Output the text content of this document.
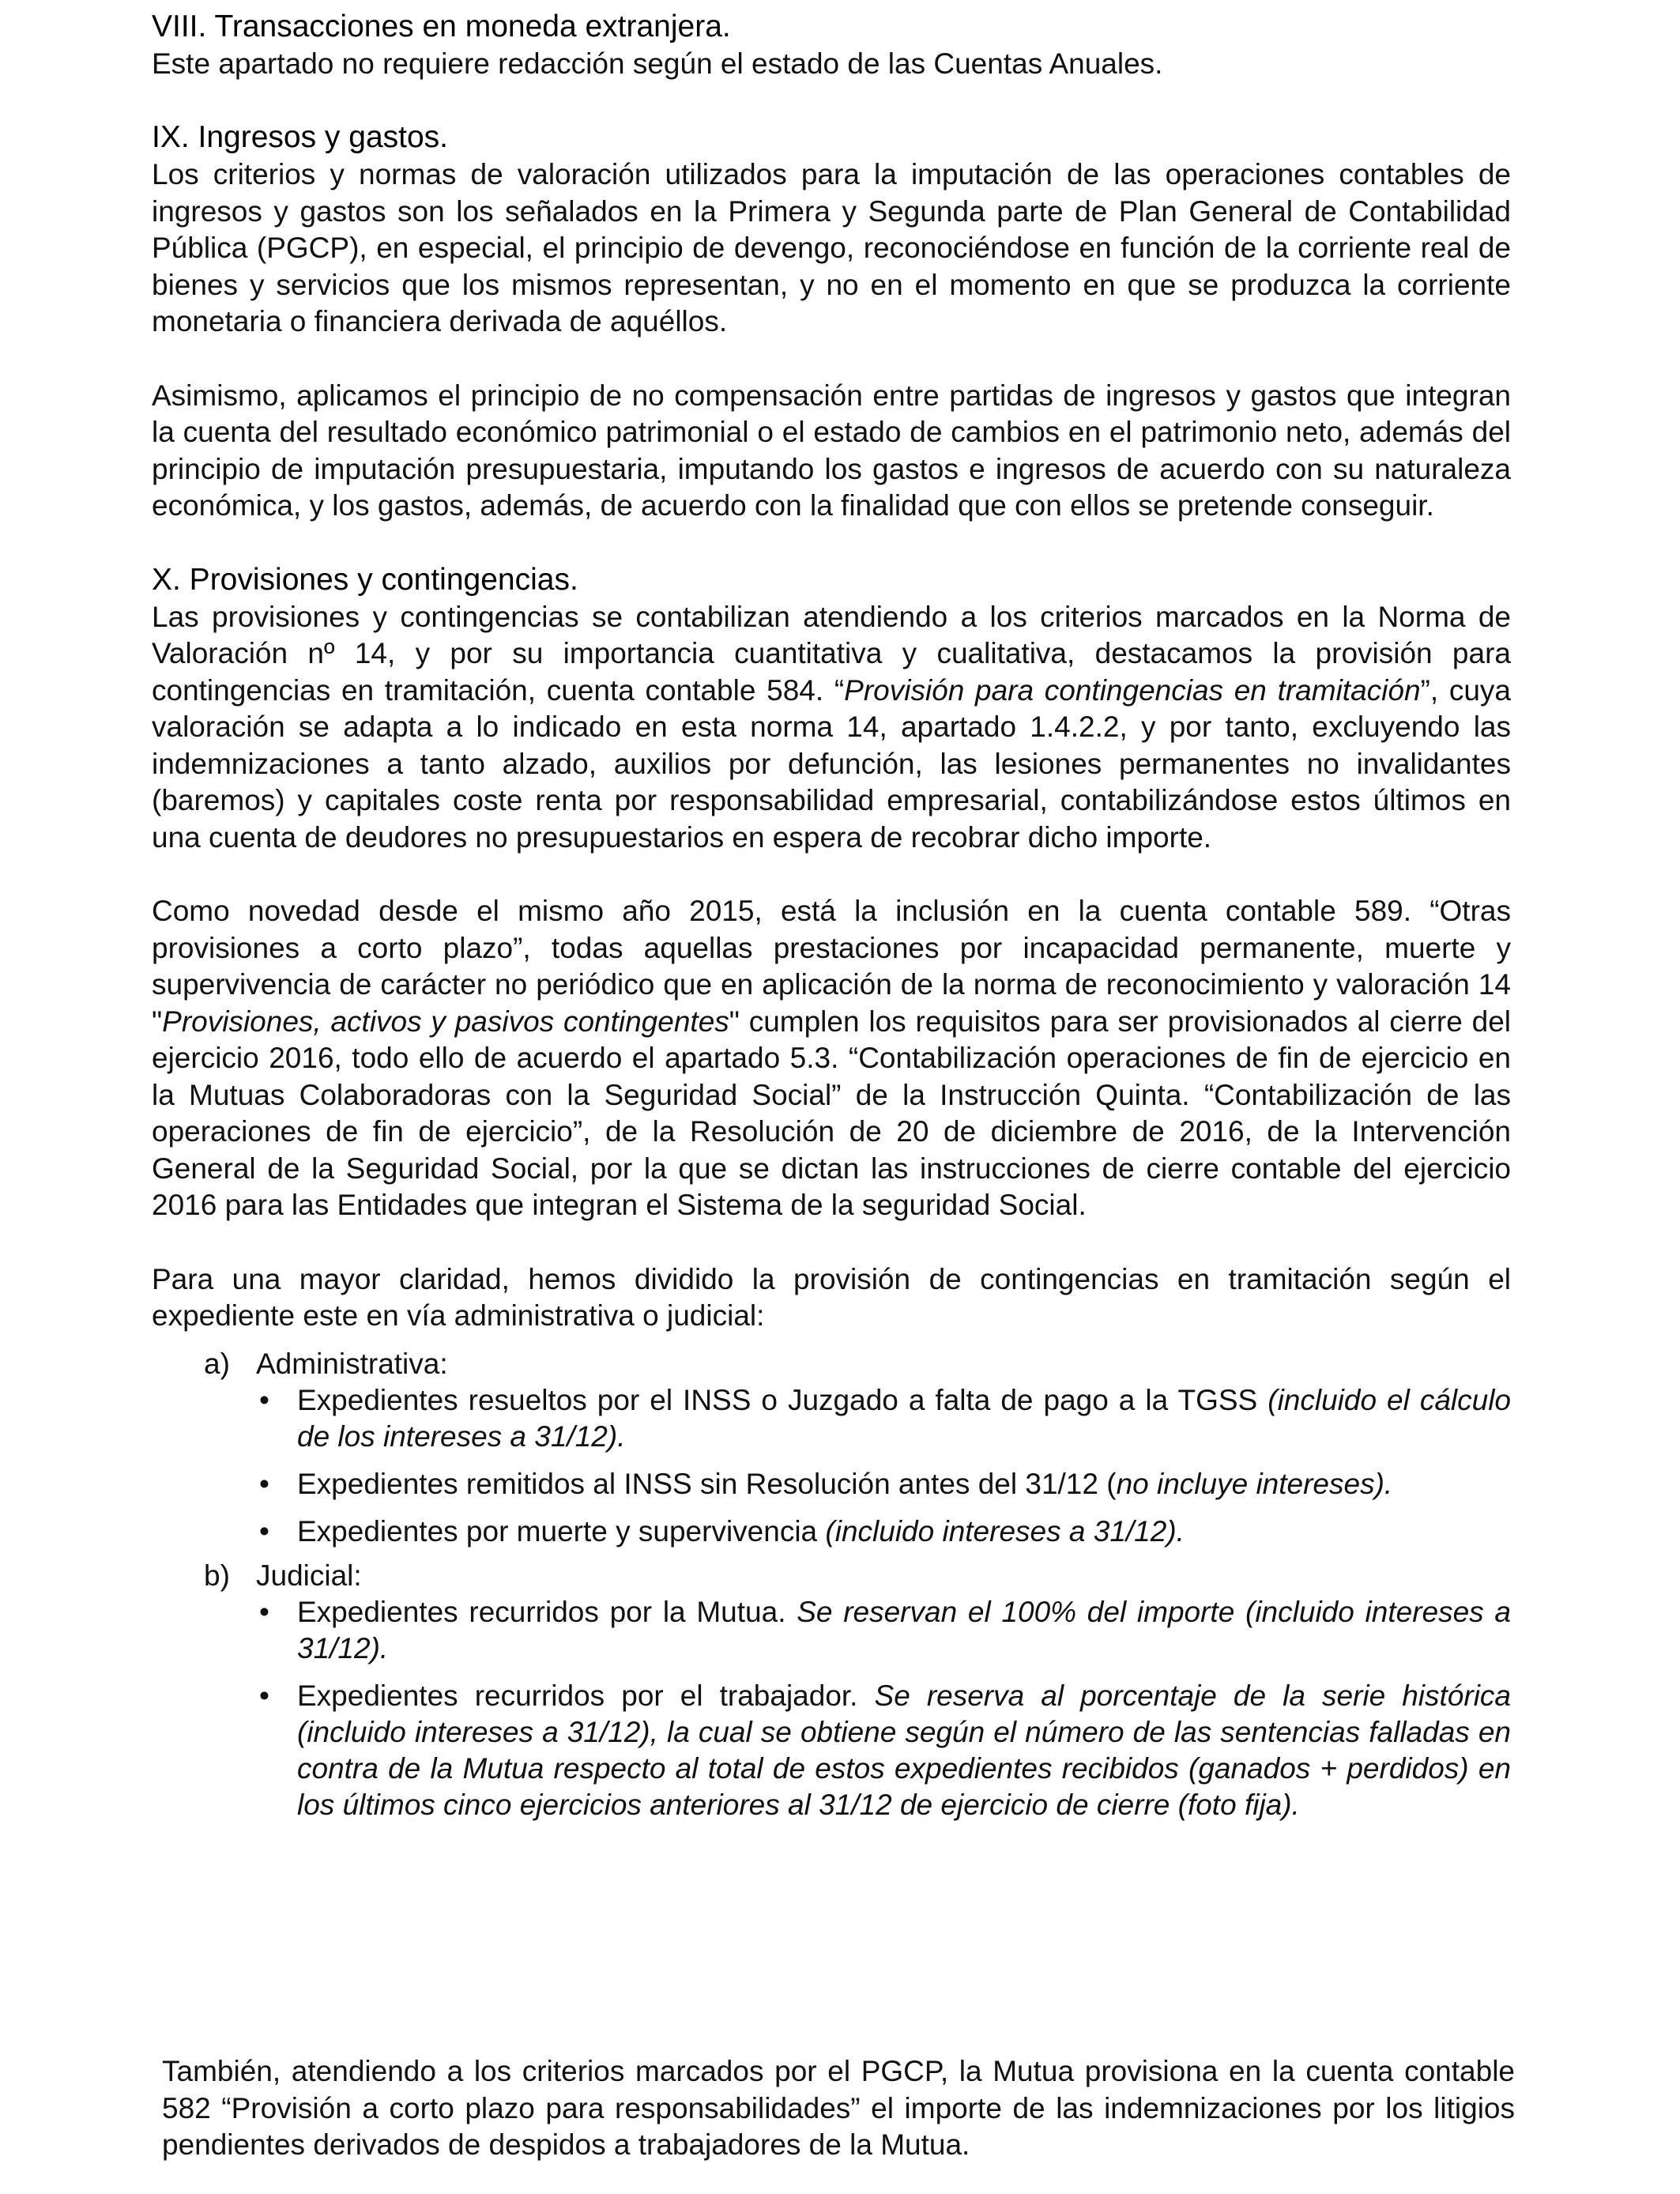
VIII. Transacciones en moneda extranjera.

Este apartado no requiere redacción según el estado de las Cuentas Anuales.

IX. Ingresos y gastos.

Los criterios y normas de valoración utilizados para la imputación de las operaciones contables de ingresos y gastos son los señalados en la Primera y Segunda parte de Plan General de Contabilidad Pública (PGCP), en especial, el principio de devengo, reconociéndose en función de la corriente real de bienes y servicios que los mismos representan, y no en el momento en que se produzca la corriente monetaria o financiera derivada de aquéllos.

Asimismo, aplicamos el principio de no compensación entre partidas de ingresos y gastos que integran la cuenta del resultado económico patrimonial o el estado de cambios en el patrimonio neto, además del principio de imputación presupuestaria, imputando los gastos e ingresos de acuerdo con su naturaleza económica, y los gastos, además, de acuerdo con la finalidad que con ellos se pretende conseguir.

X. Provisiones y contingencias.

Las provisiones y contingencias se contabilizan atendiendo a los criterios marcados en la Norma de Valoración nº 14, y por su importancia cuantitativa y cualitativa, destacamos la provisión para contingencias en tramitación, cuenta contable 584. “Provisión para contingencias en tramitación”, cuya valoración se adapta a lo indicado en esta norma 14, apartado 1.4.2.2, y por tanto, excluyendo las indemnizaciones a tanto alzado, auxilios por defunción, las lesiones permanentes no invalidantes (baremos) y capitales coste renta por responsabilidad empresarial, contabilizándose estos últimos en una cuenta de deudores no presupuestarios en espera de recobrar dicho importe.

Como novedad desde el mismo año 2015, está la inclusión en la cuenta contable 589. “Otras provisiones a corto plazo”, todas aquellas prestaciones por incapacidad permanente, muerte y supervivencia de carácter no periódico que en aplicación de la norma de reconocimiento y valoración 14 "Provisiones, activos y pasivos contingentes" cumplen los requisitos para ser provisionados al cierre del ejercicio 2016, todo ello de acuerdo el apartado 5.3. “Contabilización operaciones de fin de ejercicio en la Mutuas Colaboradoras con la Seguridad Social” de la Instrucción Quinta. “Contabilización de las operaciones de fin de ejercicio”, de la Resolución de 20 de diciembre de 2016, de la Intervención General de la Seguridad Social, por la que se dictan las instrucciones de cierre contable del ejercicio 2016 para las Entidades que integran el Sistema de la seguridad Social.

Para una mayor claridad, hemos dividido la provisión de contingencias en tramitación según el expediente este en vía administrativa o judicial:

a) Administrativa:

• Expedientes resueltos por el INSS o Juzgado a falta de pago a la TGSS (incluido el cálculo de los intereses a 31/12).
• Expedientes remitidos al INSS sin Resolución antes del 31/12 (no incluye intereses).
• Expedientes por muerte y supervivencia (incluido intereses a 31/12).
b) Judicial:

• Expedientes recurridos por la Mutua. Se reservan el 100% del importe (incluido intereses a 31/12).
• Expedientes recurridos por el trabajador. Se reserva al porcentaje de la serie histórica (incluido intereses a 31/12), la cual se obtiene según el número de las sentencias falladas en contra de la Mutua respecto al total de estos expedientes recibidos (ganados + perdidos) en los últimos cinco ejercicios anteriores al 31/12 de ejercicio de cierre (foto fija).

También, atendiendo a los criterios marcados por el PGCP, la Mutua provisiona en la cuenta contable 582 “Provisión a corto plazo para responsabilidades” el importe de las indemnizaciones por los litigios pendientes derivados de despidos a trabajadores de la Mutua.
